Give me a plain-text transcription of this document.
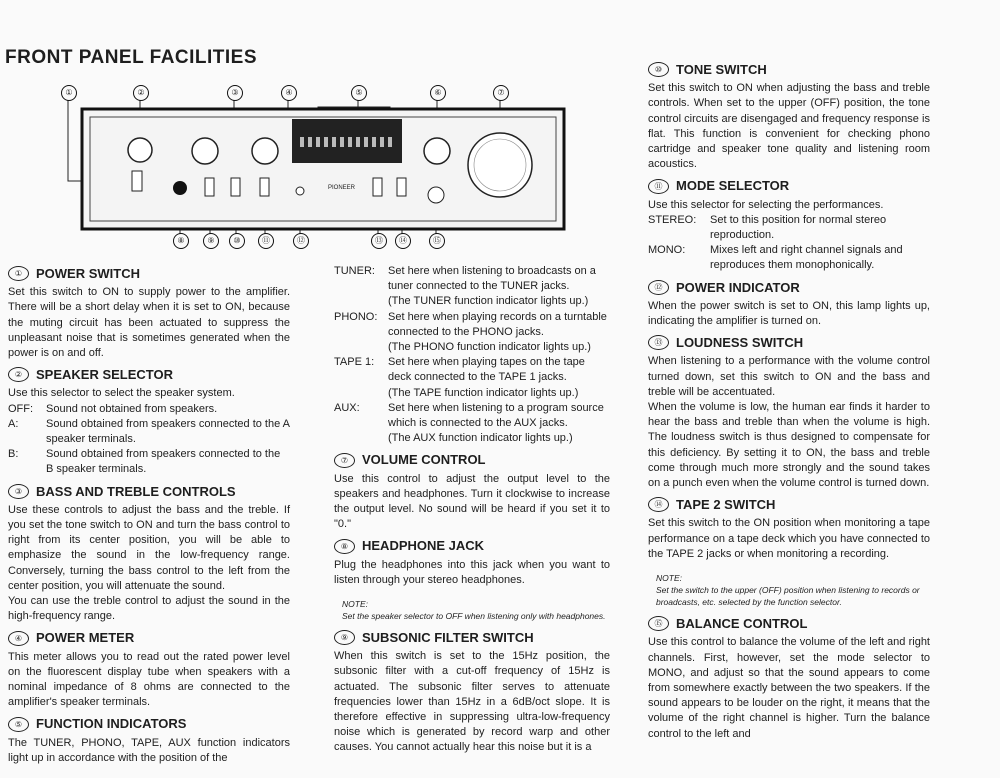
FRONT PANEL FACILITIES
PIONEER
①	②	③	④	⑤	⑥	⑦
⑧	⑨	⑩	⑪	⑫	⑬	⑭	⑮
①	POWER SWITCH

Set this switch to ON to supply power to the amplifier. There will be a short delay when it is set to ON, because the muting circuit has been actuated to suppress the unpleasant noise that is sometimes generated when the power is on and off.

②	SPEAKER SELECTOR

Use this selector to select the speaker system.

OFF:	Sound not obtained from speakers.
A:	Sound obtained from speakers connected to the A speaker terminals.
B:	Sound obtained from speakers connected to the B speaker terminals.
③	BASS AND TREBLE CONTROLS

Use these controls to adjust the bass and the treble. If you set the tone switch to ON and turn the bass control to right from its center position, you will be able to emphasize the sound in the low-frequency range. Conversely, turning the bass control to the left from the center position, you will attenuate the sound.

You can use the treble control to adjust the sound in the high-frequency range.

④	POWER METER

This meter allows you to read out the rated power level on the fluorescent display tube when speakers with a nominal impedance of 8 ohms are connected to the amplifier's speaker terminals.

⑤	FUNCTION INDICATORS

The TUNER, PHONO, TAPE, AUX function indicators light up in accordance with the position of the

TUNER:	Set here when listening to broadcasts on a tuner connected to the TUNER jacks.
(The TUNER function indicator lights up.)
PHONO: Set here when playing records on a turntable connected to the PHONO jacks.
(The PHONO function indicator lights up.)
TAPE 1:	Set here when playing tapes on the tape deck connected to the TAPE 1 jacks.
(The TAPE function indicator lights up.)
AUX:	Set here when listening to a program source which is connected to the AUX jacks.
(The AUX function indicator lights up.)
⑦	VOLUME CONTROL

Use this control to adjust the output level to the speakers and headphones. Turn it clockwise to increase the output level. No sound will be heard if you set it to "0."

⑧	HEADPHONE JACK

Plug the headphones into this jack when you want to listen through your stereo headphones.

NOTE:
Set the speaker selector to OFF when listening only with headphones.
⑨	SUBSONIC FILTER SWITCH

When this switch is set to the 15Hz position, the subsonic filter with a cut-off frequency of 15Hz is actuated. The subsonic filter serves to attenuate frequencies lower than 15Hz in a 6dB/oct slope. It is therefore effective in suppressing ultra-low-frequency noise which is generated by record warp and other causes. You cannot actually hear this noise but it is a

⑩	TONE SWITCH

Set this switch to ON when adjusting the bass and treble controls. When set to the upper (OFF) position, the tone control circuits are disengaged and frequency response is flat. This function is convenient for checking phono cartridge and speaker tone quality and listening room acoustics.

⑪	MODE SELECTOR

Use this selector for selecting the performances.

STEREO:	Set to this position for normal stereo reproduction.
MONO:	Mixes left and right channel signals and reproduces them monophonically.
⑫	POWER INDICATOR

When the power switch is set to ON, this lamp lights up, indicating the amplifier is turned on.

⑬	LOUDNESS SWITCH

When listening to a performance with the volume control turned down, set this switch to ON and the bass and treble will be accentuated.

When the volume is low, the human ear finds it harder to hear the bass and treble than when the volume is high. The loudness switch is thus designed to compensate for this deficiency. By setting it to ON, the bass and treble come through much more strongly and the sound takes on a punch even when the volume control is turned down.

⑭	TAPE 2 SWITCH

Set this switch to the ON position when monitoring a tape performance on a tape deck which you have connected to the TAPE 2 jacks or when monitoring a recording.

NOTE:
Set the switch to the upper (OFF) position when listening to records or broadcasts, etc. selected by the function selector.
⑮	BALANCE CONTROL

Use this control to balance the volume of the left and right channels. First, however, set the mode selector to MONO, and adjust so that the sound appears to come from somewhere exactly between the two speakers. If the sound appears to be louder on the right, it means that the volume of the right channel is higher. Turn the balance control to the left and
